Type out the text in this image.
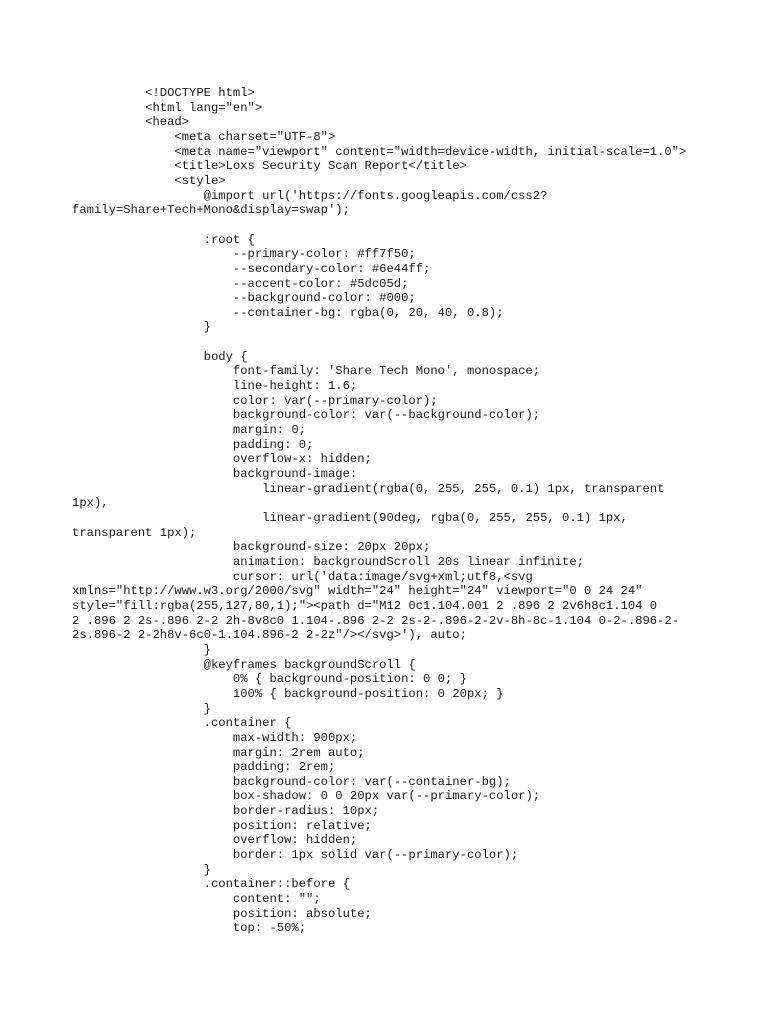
<!DOCTYPE html>
<html lang="en">
<head>
<meta charset="UTF-8">
<meta name="viewport" content="width=device-width, initial-scale=1.0">
<title>Loxs Security Scan Report</title>
<style>
@import url('https://fonts.googleapis.com/css2?
family=Share+Tech+Mono&display=swap');
:root {
--primary-color: #ff7f50;
--secondary-color: #6e44ff;
--accent-color: #5dc05d;
--background-color: #000;
--container-bg: rgba(0, 20, 40, 0.8);
}
body {
font-family: 'Share Tech Mono', monospace;
line-height: 1.6;
color: var(--primary-color);
background-color: var(--background-color);
margin: 0;
padding: 0;
overflow-x: hidden;
background-image:
linear-gradient(rgba(0, 255, 255, 0.1) 1px, transparent
1px),
linear-gradient(90deg, rgba(0, 255, 255, 0.1) 1px,
transparent 1px);
background-size: 20px 20px;
animation: backgroundScroll 20s linear infinite;
cursor: url('data:image/svg+xml;utf8,<svg
xmlns="http://www.w3.org/2000/svg" width="24" height="24" viewport="0 0 24 24"
style="fill:rgba(255,127,80,1);"><path d="M12 0c1.104.001 2 .896 2 2v6h8c1.104 0
2 .896 2 2s-.896 2-2 2h-8v8c0 1.104-.896 2-2 2s-2-.896-2-2v-8h-8c-1.104 0-2-.896-2-
2s.896-2 2-2h8v-6c0-1.104.896-2 2-2z"/></svg>'), auto;
}
@keyframes backgroundScroll {
0% { background-position: 0 0; }
100% { background-position: 0 20px; }
}
.container {
max-width: 900px;
margin: 2rem auto;
padding: 2rem;
background-color: var(--container-bg);
box-shadow: 0 0 20px var(--primary-color);
border-radius: 10px;
position: relative;
overflow: hidden;
border: 1px solid var(--primary-color);
}
.container::before {
content: "";
position: absolute;
top: -50%;
